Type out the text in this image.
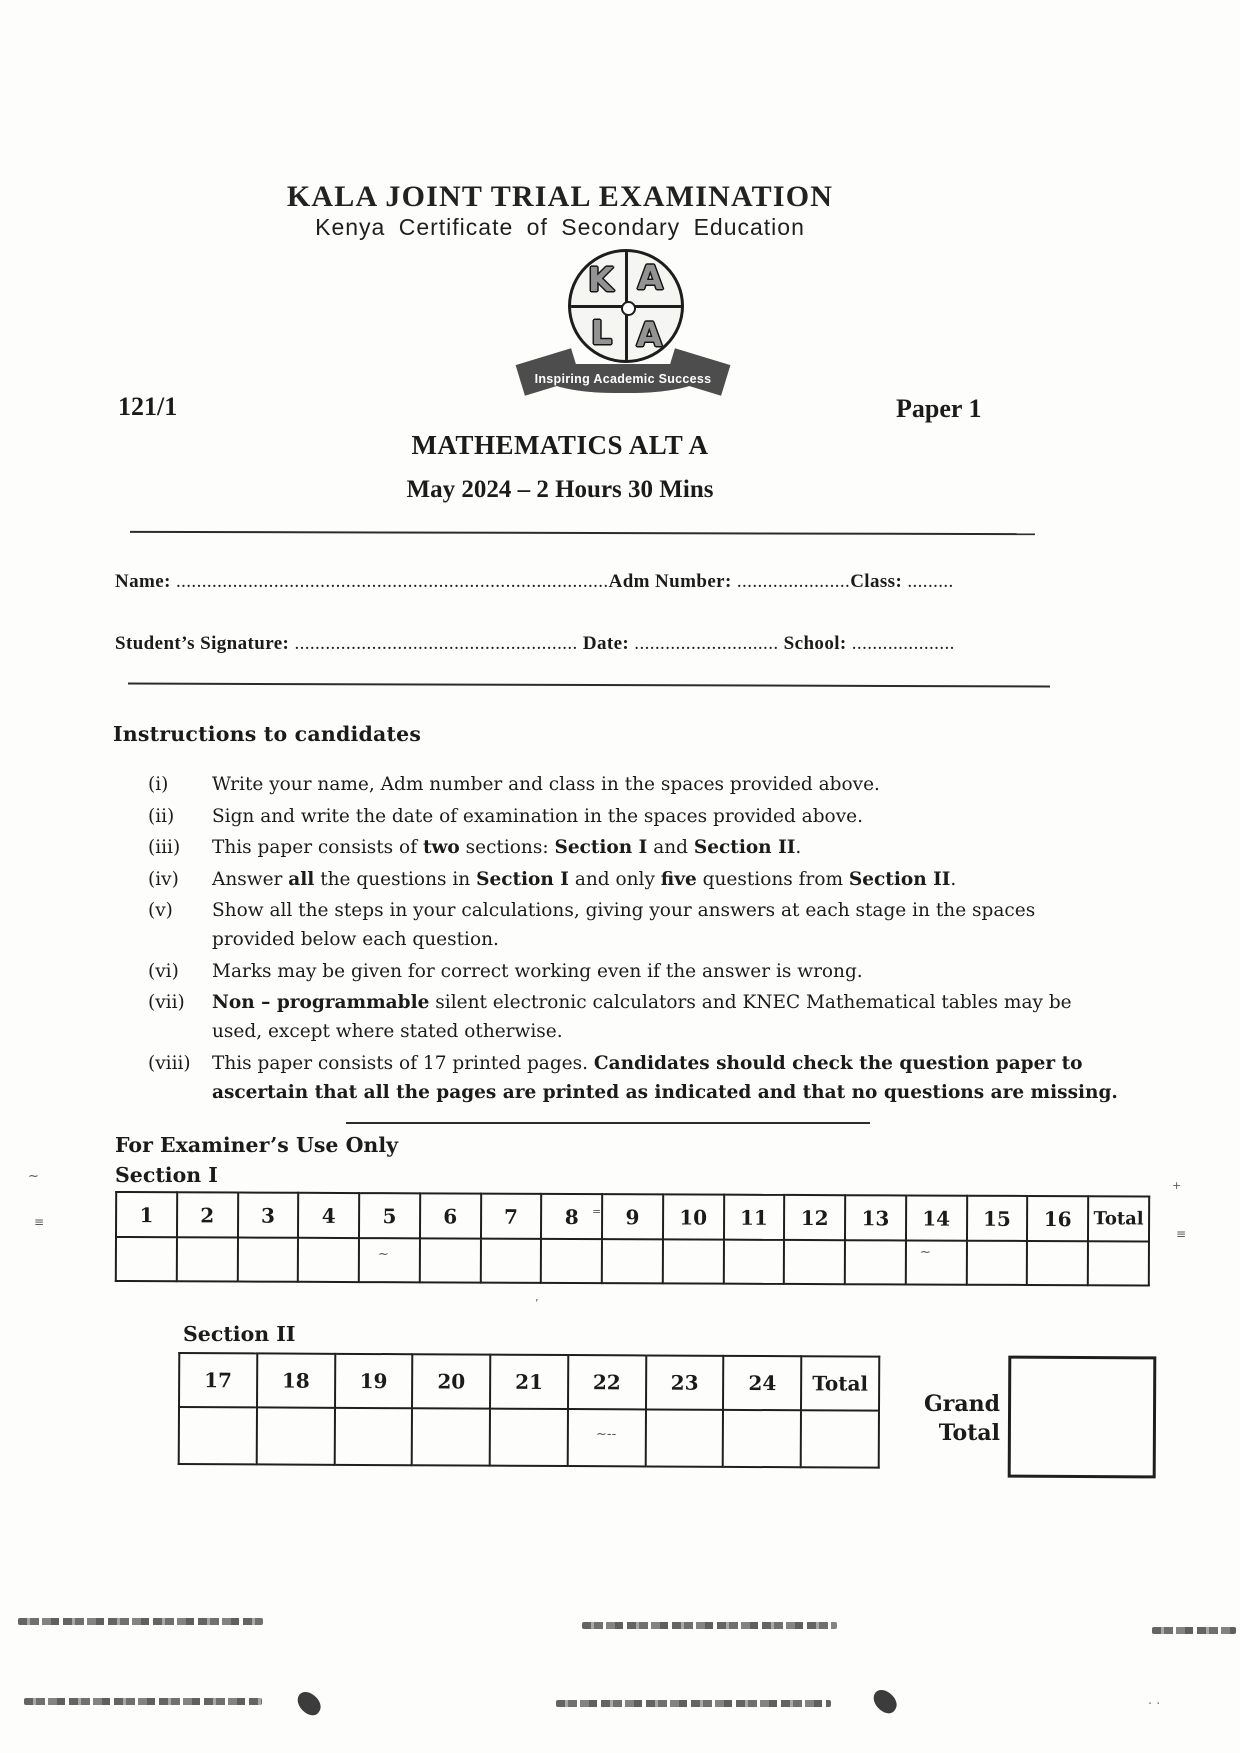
KALA JOINT TRIAL EXAMINATION
Kenya Certificate of Secondary Education
K A
L A
Inspiring Academic Success
121/1	Paper 1
MATHEMATICS ALT A
May 2024 – 2 Hours 30 Mins
Name: ....................................................................................Adm Number: ......................Class: .........
Student’s Signature: ....................................................... Date: ............................ School: ....................
Instructions to candidates
(i)	Write your name, Adm number and class in the spaces provided above.
(ii)	Sign and write the date of examination in the spaces provided above.
(iii)	This paper consists of two sections: Section I and Section II.
(iv)	Answer all the questions in Section I and only five questions from Section II.
(v)	Show all the steps in your calculations, giving your answers at each stage in the spaces provided below each question.
(vi)	Marks may be given for correct working even if the answer is wrong.
(vii)	Non – programmable silent electronic calculators and KNEC Mathematical tables may be used, except where stated otherwise.
(viii)	This paper consists of 17 printed pages. Candidates should check the question paper to ascertain that all the pages are printed as indicated and that no questions are missing.
For Examiner’s Use Only
Section I
1	2	3	4	5	6	7	8	9	10	11	12	13	14	15	16	Total

Section II
17	18	19	20	21	22	23	24	Total

Grand Total
~
≡
+
≡
=
~	~
~--
’
· ·
